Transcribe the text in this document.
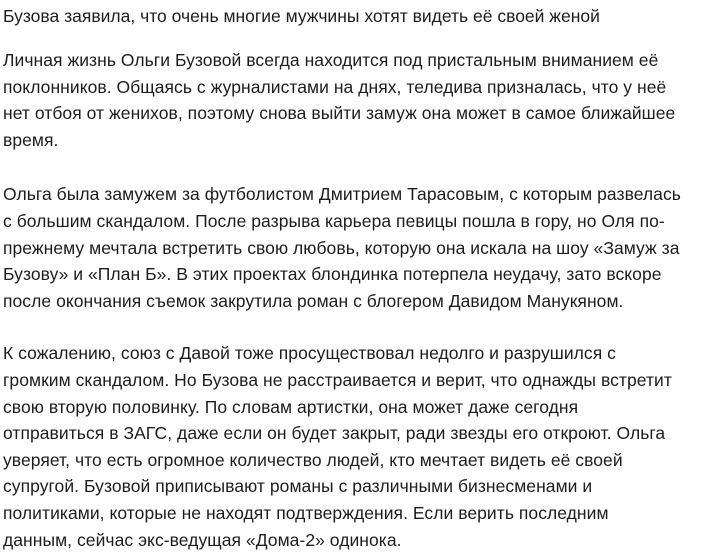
Бузова заявила, что очень многие мужчины хотят видеть её своей женой

Личная жизнь Ольги Бузовой всегда находится под пристальным вниманием её
поклонников. Общаясь с журналистами на днях, теледива призналась, что у неё
нет отбоя от женихов, поэтому снова выйти замуж она может в самое ближайшее
время.

Ольга была замужем за футболистом Дмитрием Тарасовым, с которым развелась
с большим скандалом. После разрыва карьера певицы пошла в гору, но Оля по-
прежнему мечтала встретить свою любовь, которую она искала на шоу «Замуж за
Бузову» и «План Б». В этих проектах блондинка потерпела неудачу, зато вскоре
после окончания съемок закрутила роман с блогером Давидом Манукяном.

К сожалению, союз с Давой тоже просуществовал недолго и разрушился с
громким скандалом. Но Бузова не расстраивается и верит, что однажды встретит
свою вторую половинку. По словам артистки, она может даже сегодня
отправиться в ЗАГС, даже если он будет закрыт, ради звезды его откроют. Ольга
уверяет, что есть огромное количество людей, кто мечтает видеть её своей
супругой. Бузовой приписывают романы с различными бизнесменами и
политиками, которые не находят подтверждения. Если верить последним
данным, сейчас экс-ведущая «Дома-2» одинока.
